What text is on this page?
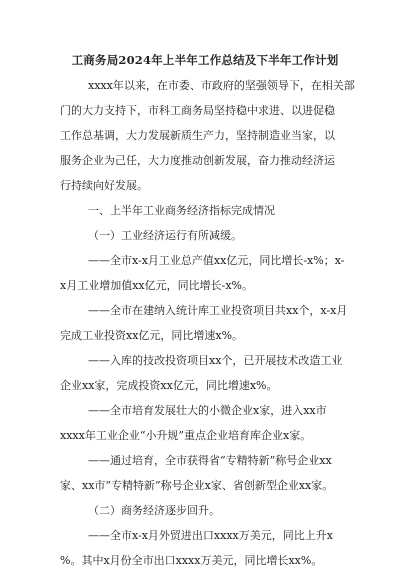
工商务局2024年上半年工作总结及下半年工作计划
xxxx年以来，在市委、市政府的坚强领导下，在相关部
门的大力支持下，市科工商务局坚持稳中求进、以进促稳
工作总基调，大力发展新质生产力，坚持制造业当家，以
服务企业为己任，大力度推动创新发展，奋力推动经济运
行持续向好发展。
一、上半年工业商务经济指标完成情况
（一）工业经济运行有所减缓。
——全市x-x月工业总产值xx亿元，同比增长-x%；x-
x月工业增加值xx亿元，同比增长-x%。
——全市在建纳入统计库工业投资项目共xx个，x-x月
完成工业投资xx亿元，同比增速x%。
——入库的技改投资项目xx个，已开展技术改造工业
企业xx家，完成投资xx亿元，同比增速x%。
——全市培育发展壮大的小微企业x家，进入xx市
xxxx年工业企业“小升规”重点企业培育库企业x家。
——通过培育，全市获得省“专精特新”称号企业xx
家、xx市“专精特新”称号企业x家、省创新型企业xx家。
（二）商务经济逐步回升。
——全市x-x月外贸进出口xxxx万美元，同比上升x
%。其中x月份全市出口xxxx万美元，同比增长xx%。
